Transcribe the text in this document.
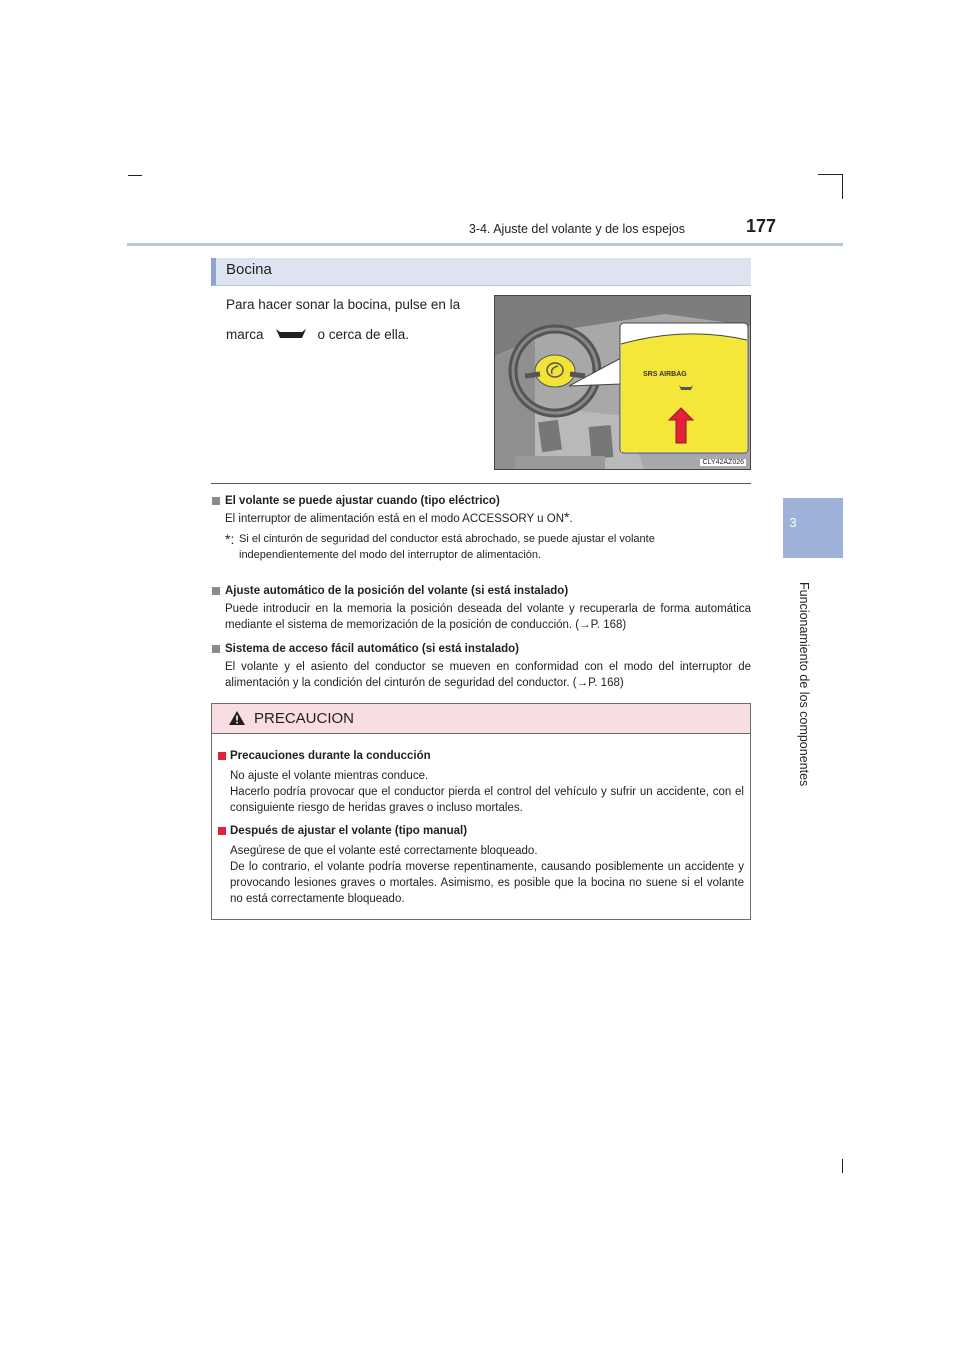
3-4. Ajuste del volante y de los espejos	177
3
Funcionamiento de los componentes
Bocina
Para hacer sonar la bocina, pulse en la marca	o cerca de ella.
SRS AIRBAG
CLY42AZ026
El volante se puede ajustar cuando (tipo eléctrico)
El interruptor de alimentación está en el modo ACCESSORY u ON*.
*: Si el cinturón de seguridad del conductor está abrochado, se puede ajustar el volante independientemente del modo del interruptor de alimentación.
Ajuste automático de la posición del volante (si está instalado)
Puede introducir en la memoria la posición deseada del volante y recuperarla de forma automática mediante el sistema de memorización de la posición de conducción. (→P. 168)
Sistema de acceso fácil automático (si está instalado)
El volante y el asiento del conductor se mueven en conformidad con el modo del interruptor de alimentación y la condición del cinturón de seguridad del conductor. (→P. 168)
PRECAUCION
Precauciones durante la conducción
No ajuste el volante mientras conduce.
Hacerlo podría provocar que el conductor pierda el control del vehículo y sufrir un accidente, con el consiguiente riesgo de heridas graves o incluso mortales.
Después de ajustar el volante (tipo manual)
Asegúrese de que el volante esté correctamente bloqueado.
De lo contrario, el volante podría moverse repentinamente, causando posiblemente un accidente y provocando lesiones graves o mortales. Asimismo, es posible que la bocina no suene si el volante no está correctamente bloqueado.
